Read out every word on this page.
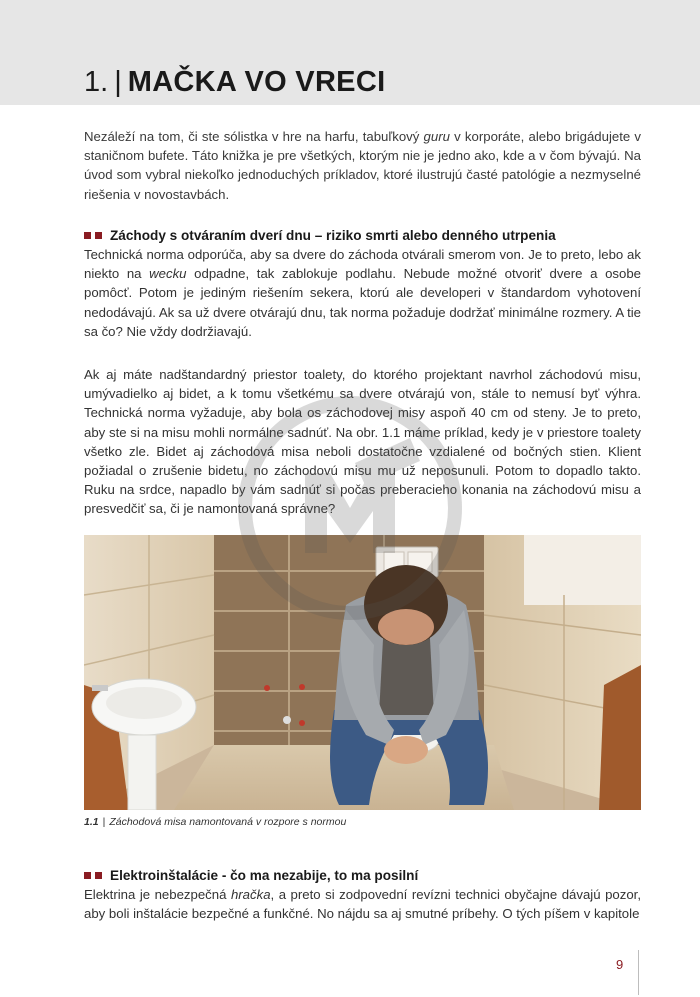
1. | MAČKA VO VRECI

Nezáleží na tom, či ste sólistka v hre na harfu, tabuľkový guru v korporáte, alebo brigádujete v staničnom bufete. Táto knižka je pre všetkých, ktorým nie je jedno ako, kde a v čom bývajú. Na úvod som vybral niekoľko jednoduchých príkladov, ktoré ilustrujú časté patológie a nezmyselné riešenia v novostavbách.

Záchody s otváraním dverí dnu – riziko smrti alebo denného utrpenia

Technická norma odporúča, aby sa dvere do záchoda otvárali smerom von. Je to preto, lebo ak niekto na wecku odpadne, tak zablokuje podlahu. Nebude možné otvoriť dvere a osobe pomôcť. Potom je jediným riešením sekera, ktorú ale developeri v štandardom vyhotovení nedodávajú. Ak sa už dvere otvárajú dnu, tak norma požaduje dodržať minimálne rozmery. A tie sa čo? Nie vždy dodržiavajú.

Ak aj máte nadštandardný priestor toalety, do ktorého projektant navrhol záchodovú misu, umývadielko aj bidet, a k tomu všetkému sa dvere otvárajú von, stále to nemusí byť výhra. Technická norma vyžaduje, aby bola os záchodovej misy aspoň 40 cm od steny. Je to preto, aby ste si na misu mohli normálne sadnúť. Na obr. 1.1 máme príklad, kedy je v priestore toalety všetko zle. Bidet aj záchodová misa neboli dostatočne vzdialené od bočných stien. Klient požiadal o zrušenie bidetu, no záchodovú misu mu už neposunuli. Potom to dopadlo takto. Ruku na srdce, napadlo by vám sadnúť si počas preberacieho konania na záchodovú misu a presvedčiť sa, či je namontovaná správne?

1.1 | Záchodová misa namontovaná v rozpore s normou

Elektroinštalácie - čo ma nezabije, to ma posilní

Elektrina je nebezpečná hračka, a preto si zodpovední revízni technici obyčajne dávajú pozor, aby boli inštalácie bezpečné a funkčné. No nájdu sa aj smutné príbehy. O tých píšem v kapitole

9
